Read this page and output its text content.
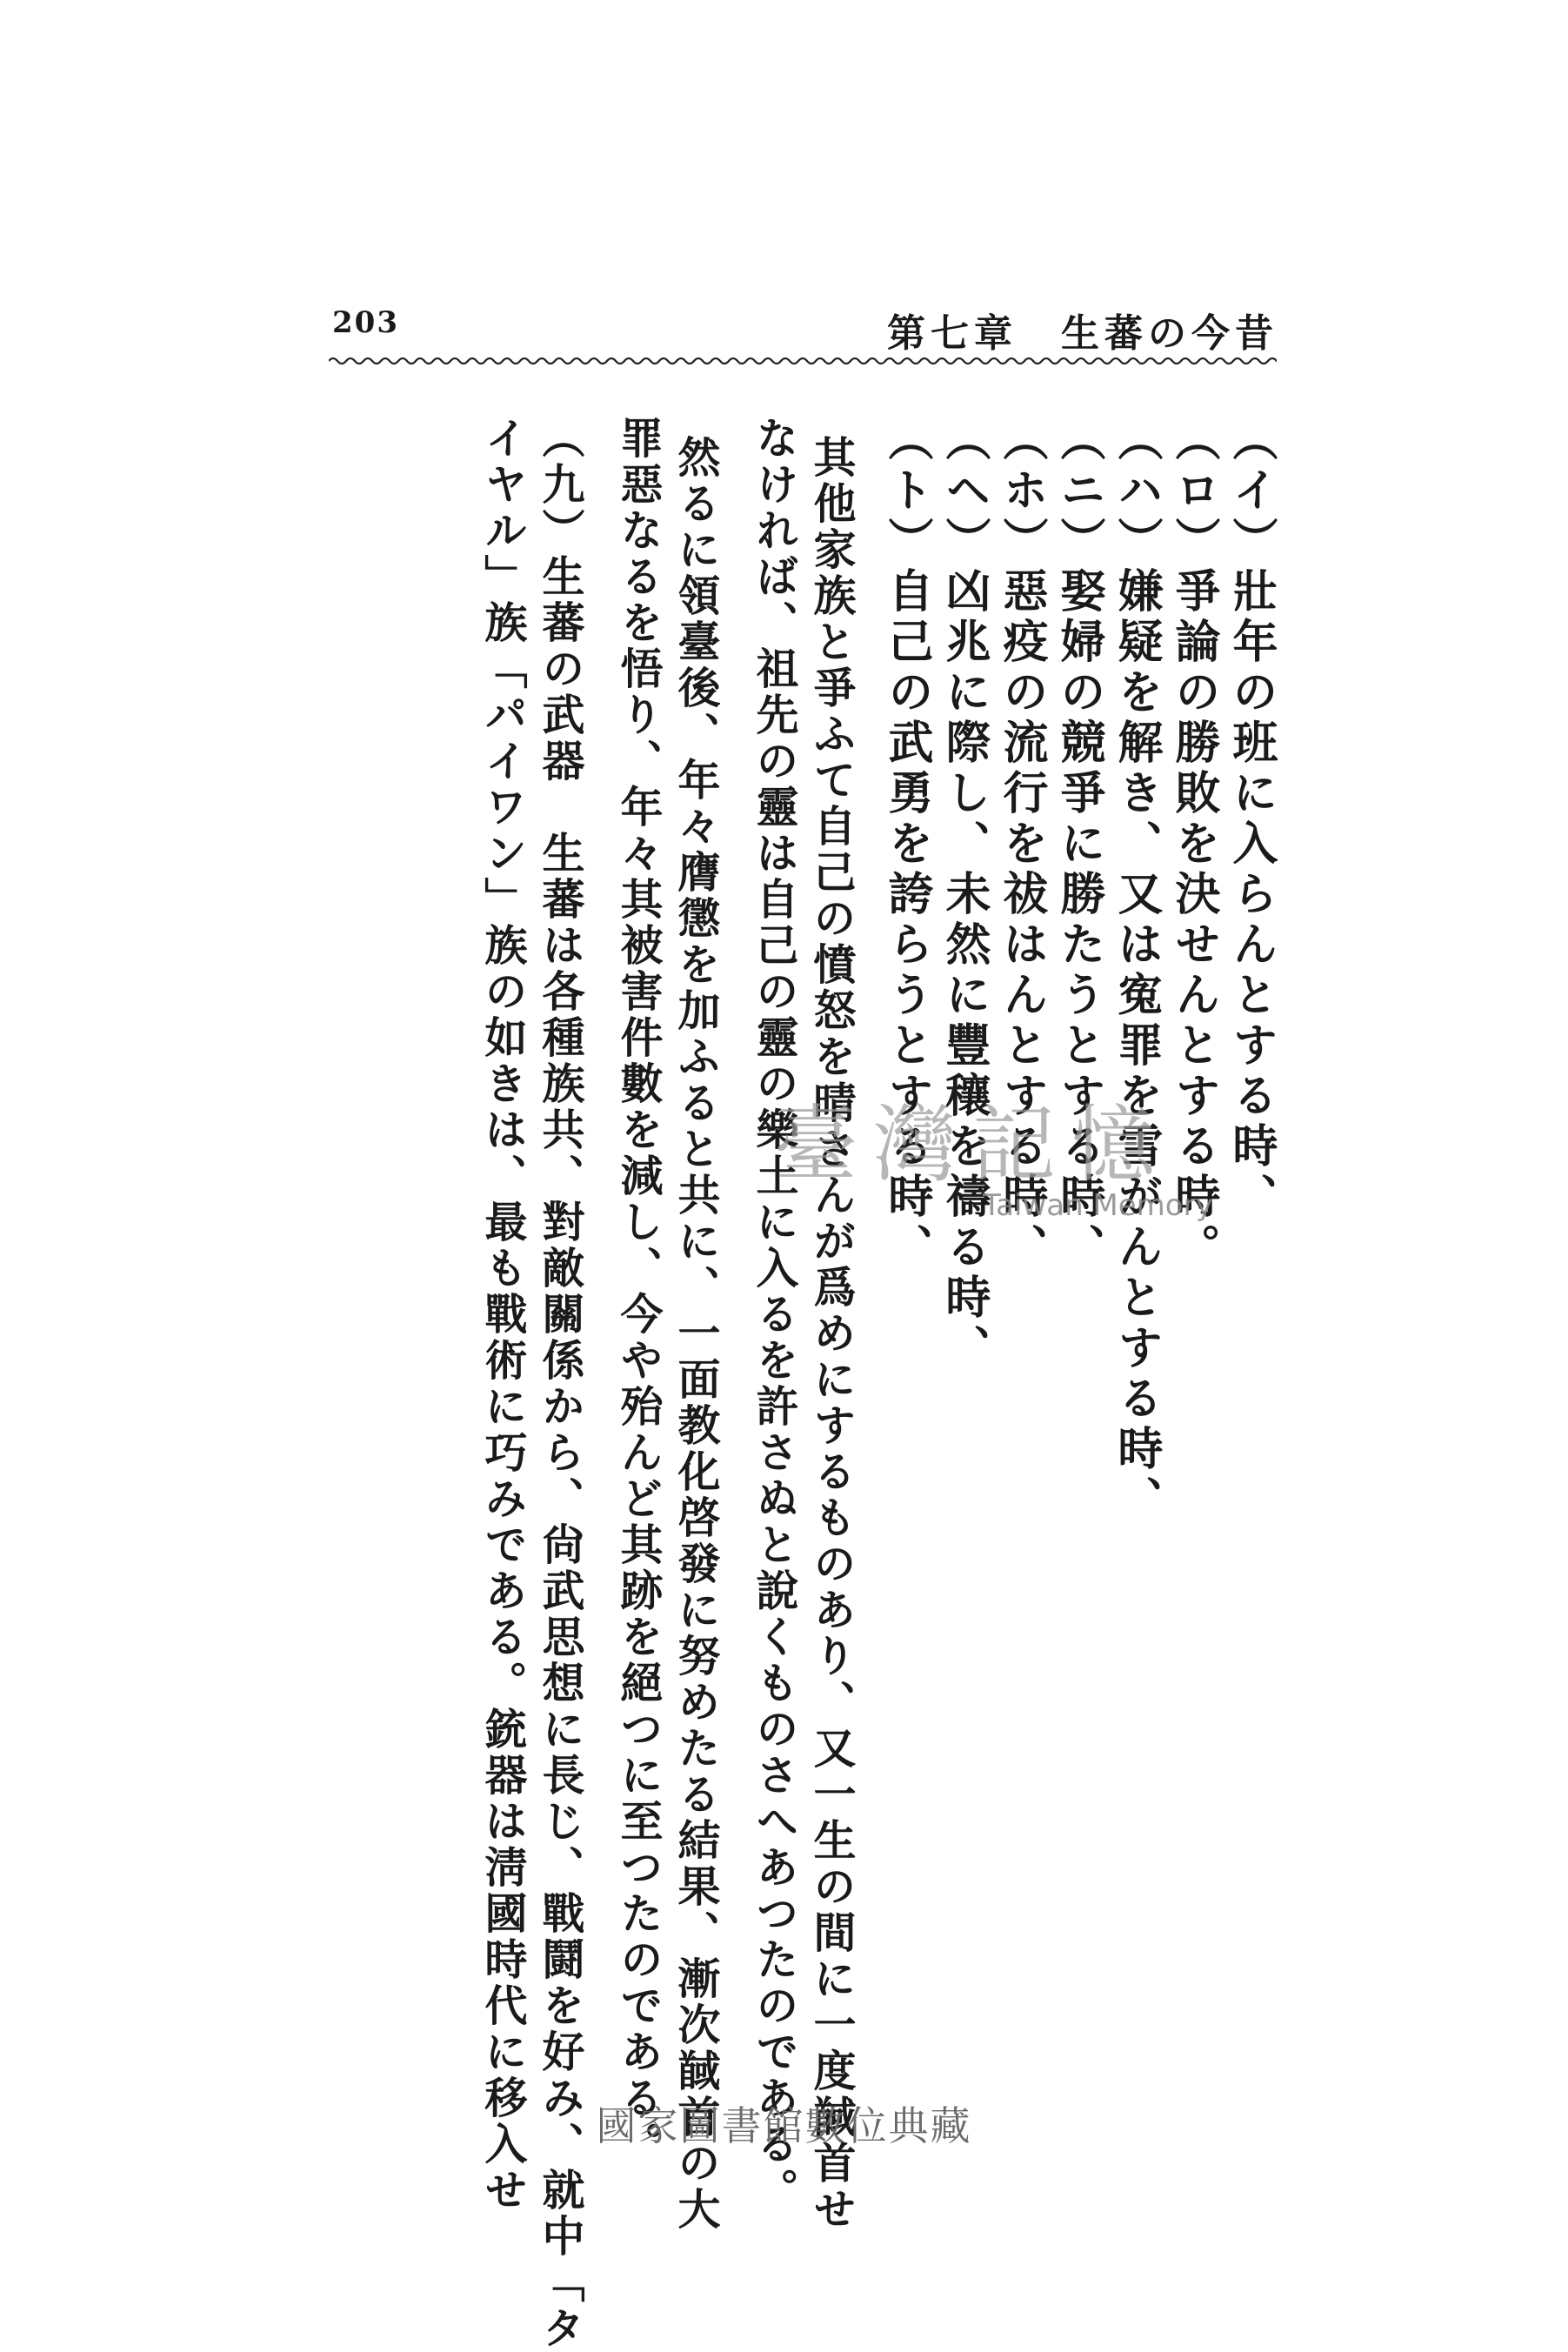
203	第七章　生蕃の今昔
（イ）壯年の班に入らんとする時、
（ロ）爭論の勝敗を決せんとする時。
（ハ）嫌疑を解き、又は寃罪を雪がんとする時、
（ニ）娶婦の競爭に勝たうとする時、
（ホ）惡疫の流行を祓はんとする時、
（ヘ）凶兆に際し、未然に豐穰を禱る時、
（ト）自己の武勇を誇らうとする時、
其他家族と爭ふて自己の憤怒を晴さんが爲めにするものあり、又一生の間に一度馘首せ
なければ、祖先の靈は自己の靈の樂土に入るを許さぬと說くものさへあつたのである。
然るに領臺後、年々膺懲を加ふると共に、一面教化啓發に努めたる結果、漸次馘首の大
罪惡なるを悟り、年々其被害件數を減し、今や殆んど其跡を絕つに至つたのである。
（九）生蕃の武器　生蕃は各種族共、對敵關係から、尙武思想に長じ、戰鬪を好み、就中「タ
イヤル」族「パイワン」族の如きは、最も戰術に巧みである。銃器は淸國時代に移入せ	臺灣記憶
Taiwan Memory
國家圖書館數位典藏
